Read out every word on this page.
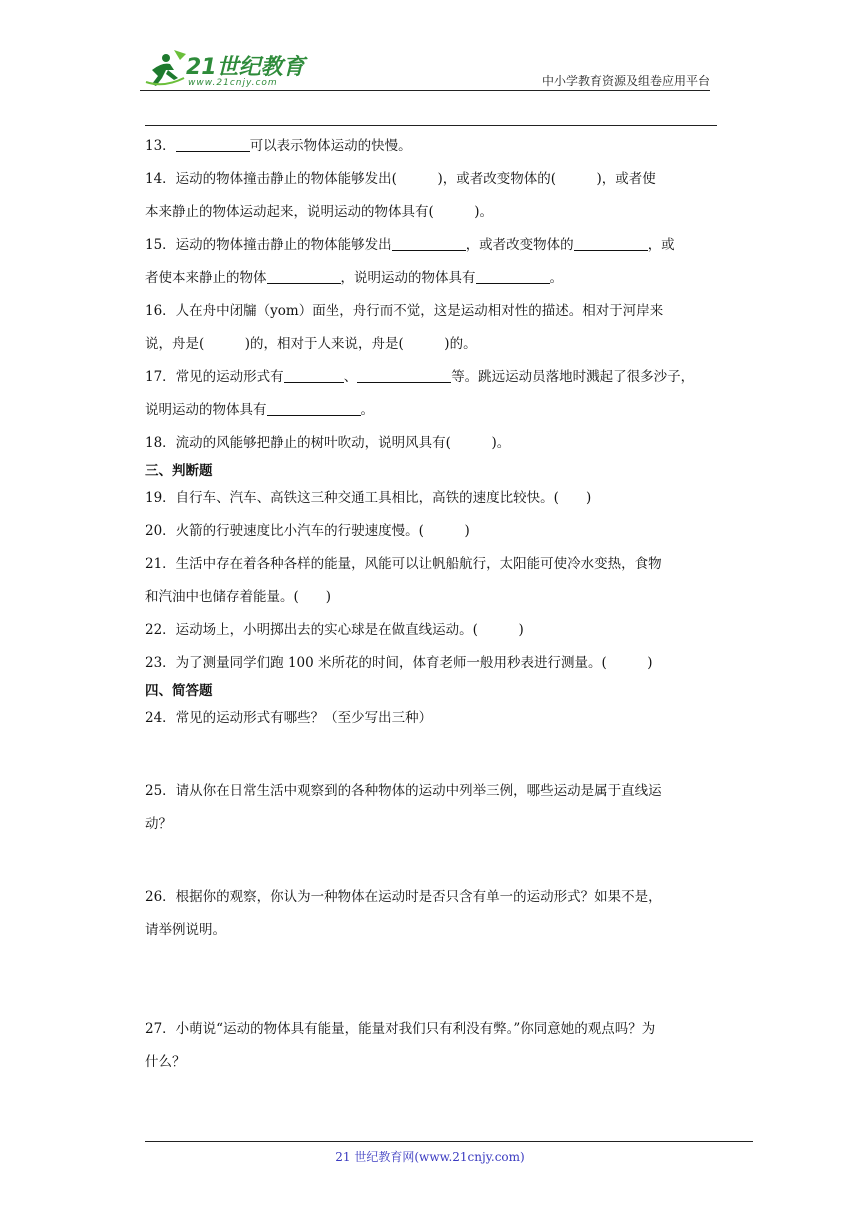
21世纪教育
www.21cnjy.com	中小学教育资源及组卷应用平台

13．	可以表示物体运动的快慢。

14．运动的物体撞击静止的物体能够发出(　　　)，或者改变物体的(　　　)，或者使

本来静止的物体运动起来，说明运动的物体具有(　　　)。

15．运动的物体撞击静止的物体能够发出	，或者改变物体的	，或

者使本来静止的物体	，说明运动的物体具有	。

16．人在舟中闭牖（yom）面坐，舟行而不觉，这是运动相对性的描述。相对于河岸来

说，舟是(　　　)的，相对于人来说，舟是(　　　)的。

17．常见的运动形式有	、	等。跳远运动员落地时溅起了很多沙子，

说明运动的物体具有	。

18．流动的风能够把静止的树叶吹动，说明风具有(　　　)。

三、判断题

19．自行车、汽车、高铁这三种交通工具相比，高铁的速度比较快。(　　)

20．火箭的行驶速度比小汽车的行驶速度慢。(　　　)

21．生活中存在着各种各样的能量，风能可以让帆船航行，太阳能可使冷水变热，食物

和汽油中也储存着能量。(　　)

22．运动场上，小明掷出去的实心球是在做直线运动。(　　　)

23．为了测量同学们跑 100 米所花的时间，体育老师一般用秒表进行测量。(　　　)

四、简答题

24．常见的运动形式有哪些？（至少写出三种）

25．请从你在日常生活中观察到的各种物体的运动中列举三例，哪些运动是属于直线运

动？

26．根据你的观察，你认为一种物体在运动时是否只含有单一的运动形式？如果不是，

请举例说明。

27．小萌说“运动的物体具有能量，能量对我们只有利没有弊。”你同意她的观点吗？为

什么？

21 世纪教育网(www.21cnjy.com)
